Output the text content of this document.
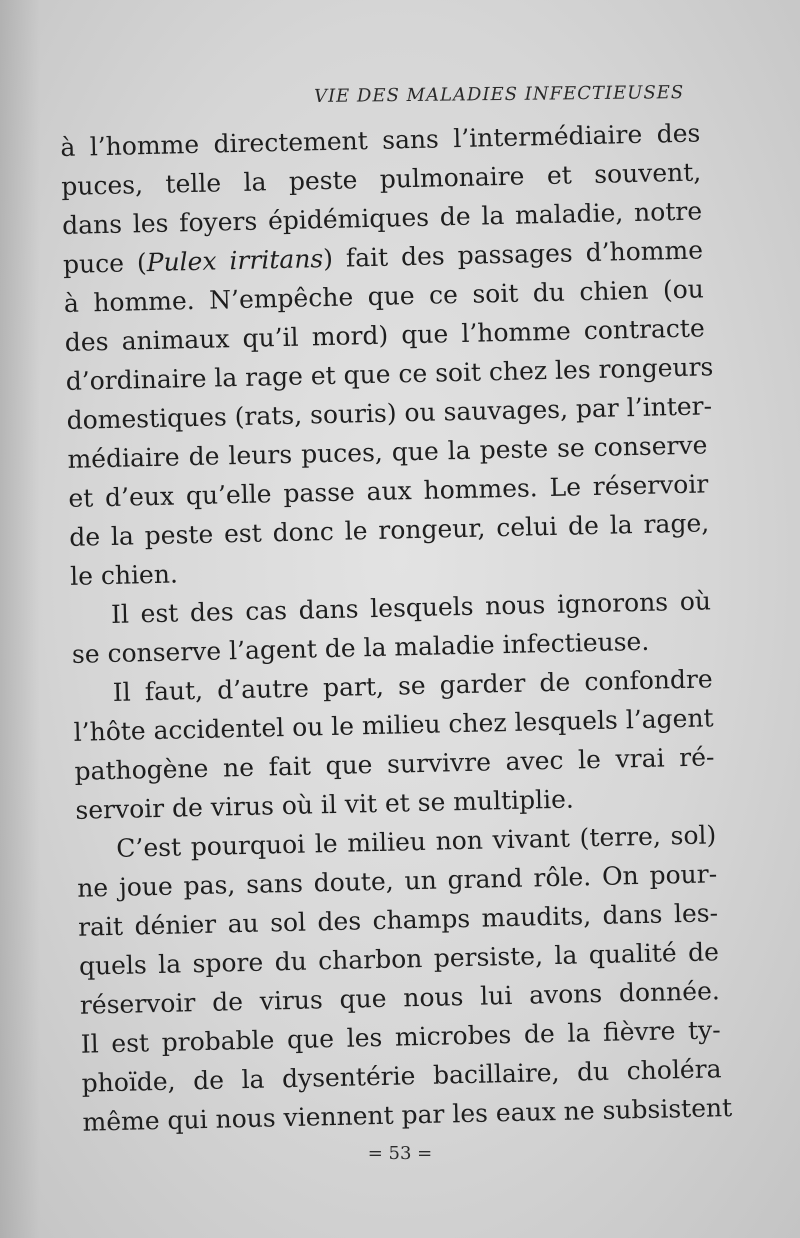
VIE DES MALADIES INFECTIEUSES
à l’homme directement sans l’intermédiaire des
puces, telle la peste pulmonaire et souvent,
dans les foyers épidémiques de la maladie, notre
puce (Pulex irritans) fait des passages d’homme
à homme. N’empêche que ce soit du chien (ou
des animaux qu’il mord) que l’homme contracte
d’ordinaire la rage et que ce soit chez les rongeurs
domestiques (rats, souris) ou sauvages, par l’inter-
médiaire de leurs puces, que la peste se conserve
et d’eux qu’elle passe aux hommes. Le réservoir
de la peste est donc le rongeur, celui de la rage,
le chien.
Il est des cas dans lesquels nous ignorons où
se conserve l’agent de la maladie infectieuse.
Il faut, d’autre part, se garder de confondre
l’hôte accidentel ou le milieu chez lesquels l’agent
pathogène ne fait que survivre avec le vrai ré-
servoir de virus où il vit et se multiplie.
C’est pourquoi le milieu non vivant (terre, sol)
ne joue pas, sans doute, un grand rôle. On pour-
rait dénier au sol des champs maudits, dans les-
quels la spore du charbon persiste, la qualité de
réservoir de virus que nous lui avons donnée.
Il est probable que les microbes de la fièvre ty-
phoïde, de la dysentérie bacillaire, du choléra
même qui nous viennent par les eaux ne subsistent
= 53 =
